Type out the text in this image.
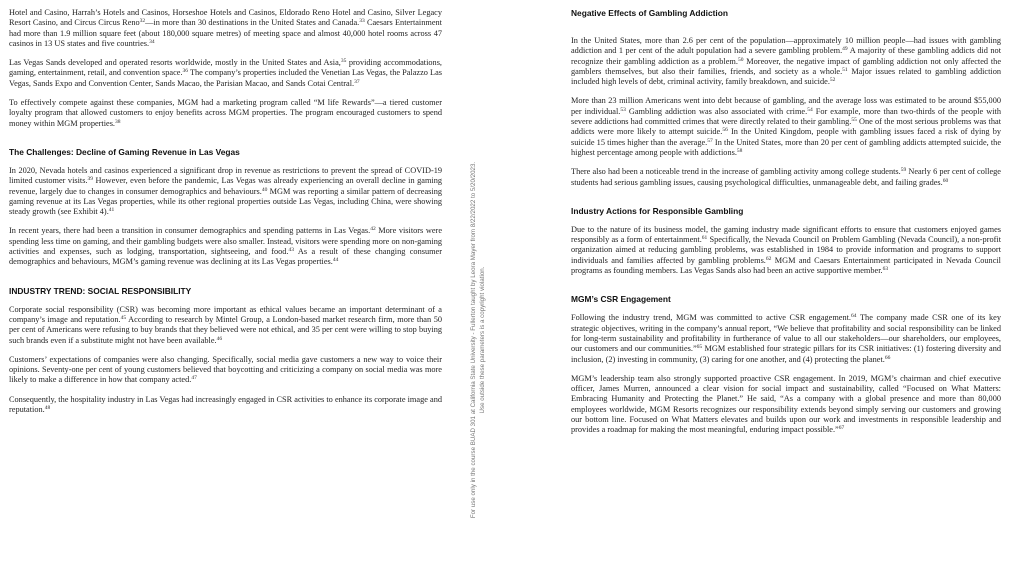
Hotel and Casino, Harrah’s Hotels and Casinos, Horseshoe Hotels and Casinos, Eldorado Reno Hotel and Casino, Silver Legacy Resort Casino, and Circus Circus Reno$^{32}$—in more than 30 destinations in the United States and Canada.$^{33}$ Caesars Entertainment had more than 1.9 million square feet (about 180,000 square metres) of meeting space and almost 40,000 hotel rooms across 47 casinos in 13 US states and five countries.$^{34}$

Las Vegas Sands developed and operated resorts worldwide, mostly in the United States and Asia,$^{35}$ providing accommodations, gaming, entertainment, retail, and convention space.$^{36}$ The company’s properties included the Venetian Las Vegas, the Palazzo Las Vegas, Sands Expo and Convention Center, Sands Macao, the Parisian Macao, and Sands Cotai Central.$^{37}$

To effectively compete against these companies, MGM had a marketing program called “M life Rewards”—a tiered customer loyalty program that allowed customers to enjoy benefits across MGM properties. The program encouraged customers to spend money within MGM properties.$^{38}$

The Challenges: Decline of Gaming Revenue in Las Vegas

In 2020, Nevada hotels and casinos experienced a significant drop in revenue as restrictions to prevent the spread of COVID-19 limited customer visits.$^{39}$ However, even before the pandemic, Las Vegas was already experiencing an overall decline in gaming revenue, largely due to changes in consumer demographics and behaviours.$^{40}$ MGM was reporting a similar pattern of decreasing gaming revenue at its Las Vegas properties, while its other regional properties outside Las Vegas, including China, were showing steady growth (see Exhibit 4).$^{41}$

In recent years, there had been a transition in consumer demographics and spending patterns in Las Vegas.$^{42}$ More visitors were spending less time on gaming, and their gambling budgets were also smaller. Instead, visitors were spending more on non-gaming activities and expenses, such as lodging, transportation, sightseeing, and food.$^{43}$ As a result of these changing consumer demographics and behaviours, MGM’s gaming revenue was declining at its Las Vegas properties.$^{44}$

INDUSTRY TREND: SOCIAL RESPONSIBILITY

Corporate social responsibility (CSR) was becoming more important as ethical values became an important determinant of a company’s image and reputation.$^{45}$ According to research by Mintel Group, a London-based market research firm, more than 50 per cent of Americans were refusing to buy brands that they believed were not ethical, and 35 per cent were willing to stop buying such brands even if a substitute might not have been available.$^{46}$

Customers’ expectations of companies were also changing. Specifically, social media gave customers a new way to voice their opinions. Seventy-one per cent of young customers believed that boycotting and criticizing a company on social media was more likely to make a difference in how that company acted.$^{47}$

Consequently, the hospitality industry in Las Vegas had increasingly engaged in CSR activities to enhance its corporate image and reputation.$^{48}$	For use only in the course BUAD 301 at California State University - Fullerton taught by Leora Mayer from 8/22/2022 to 5/20/2023. Use outside these parameters is a copyright violation.
Negative Effects of Gambling Addiction

In the United States, more than 2.6 per cent of the population—approximately 10 million people—had issues with gambling addiction and 1 per cent of the adult population had a severe gambling problem.$^{49}$ A majority of these gambling addicts did not recognize their gambling addiction as a problem.$^{50}$ Moreover, the negative impact of gambling addiction not only affected the gamblers themselves, but also their families, friends, and society as a whole.$^{51}$ Major issues related to gambling addiction included high levels of debt, criminal activity, family breakdown, and suicide.$^{52}$

More than 23 million Americans went into debt because of gambling, and the average loss was estimated to be around $55,000 per individual.$^{53}$ Gambling addiction was also associated with crime.$^{54}$ For example, more than two-thirds of the people with severe addictions had committed crimes that were directly related to their gambling.$^{55}$ One of the most serious problems was that addicts were more likely to attempt suicide.$^{56}$ In the United Kingdom, people with gambling issues faced a risk of dying by suicide 15 times higher than the average.$^{57}$ In the United States, more than 20 per cent of gambling addicts attempted suicide, the highest percentage among people with addictions.$^{58}$

There also had been a noticeable trend in the increase of gambling activity among college students.$^{59}$ Nearly 6 per cent of college students had serious gambling issues, causing psychological difficulties, unmanageable debt, and failing grades.$^{60}$

Industry Actions for Responsible Gambling

Due to the nature of its business model, the gaming industry made significant efforts to ensure that customers enjoyed games responsibly as a form of entertainment.$^{61}$ Specifically, the Nevada Council on Problem Gambling (Nevada Council), a non-profit organization aimed at reducing gambling problems, was established in 1984 to provide information and programs to support individuals and families affected by gambling problems.$^{62}$ MGM and Caesars Entertainment participated in Nevada Council programs as founding members. Las Vegas Sands also had been an active supportive member.$^{63}$

MGM’s CSR Engagement

Following the industry trend, MGM was committed to active CSR engagement.$^{64}$ The company made CSR one of its key strategic objectives, writing in the company’s annual report, “We believe that profitability and social responsibility can be linked for long-term sustainability and profitability in furtherance of value to all our stakeholders—our shareholders, our employees, our customers and our communities.”$^{65}$ MGM established four strategic pillars for its CSR initiatives: (1) fostering diversity and inclusion, (2) investing in community, (3) caring for one another, and (4) protecting the planet.$^{66}$

MGM’s leadership team also strongly supported proactive CSR engagement. In 2019, MGM’s chairman and chief executive officer, James Murren, announced a clear vision for social impact and sustainability, called “Focused on What Matters: Embracing Humanity and Protecting the Planet.” He said, “As a company with a global presence and more than 80,000 employees worldwide, MGM Resorts recognizes our responsibility extends beyond simply serving our customers and growing our bottom line. Focused on What Matters elevates and builds upon our work and investments in responsible leadership and provides a roadmap for making the most meaningful, enduring impact possible.”$^{67}$
